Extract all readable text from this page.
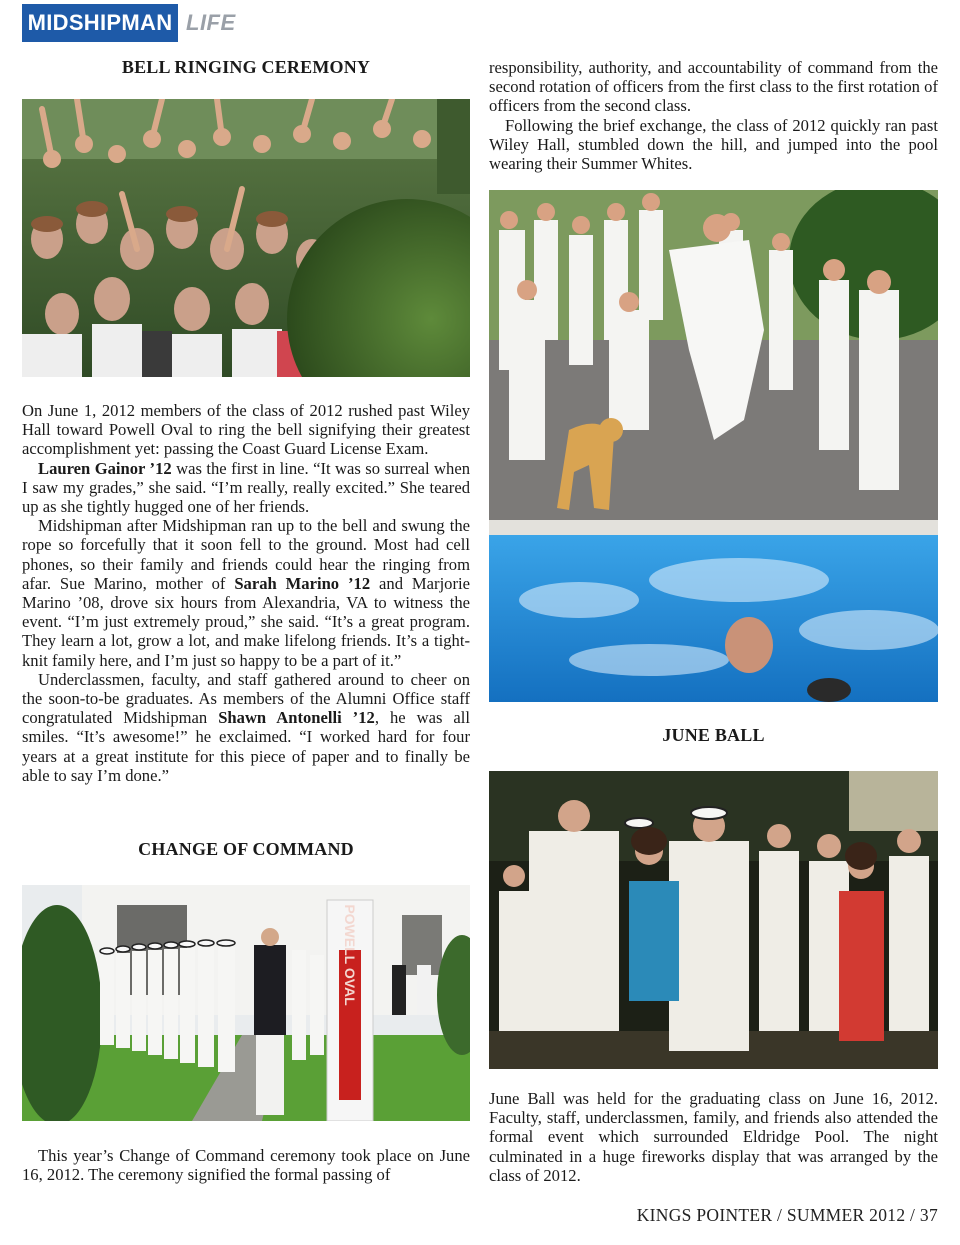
MIDSHIPMAN LIFE
BELL RINGING CEREMONY

On June 1, 2012 members of the class of 2012 rushed past Wiley Hall toward Powell Oval to ring the bell signifying their greatest accomplishment yet: passing the Coast Guard License Exam.

Lauren Gainor ’12 was the first in line. “It was so surreal when I saw my grades,” she said. “I’m really, really excited.” She teared up as she tightly hugged one of her friends.

Midshipman after Midshipman ran up to the bell and swung the rope so forcefully that it soon fell to the ground. Most had cell phones, so their family and friends could hear the ringing from afar. Sue Marino, mother of Sarah Marino ’12 and Marjorie Marino ’08, drove six hours from Alexandria, VA to witness the event. “I’m just extremely proud,” she said. “It’s a great program. They learn a lot, grow a lot, and make lifelong friends. It’s a tight-knit family here, and I’m just so happy to be a part of it.”

Underclassmen, faculty, and staff gathered around to cheer on the soon-to-be graduates. As members of the Alumni Office staff congratulated Midshipman Shawn Antonelli ’12, he was all smiles. “It’s awesome!” he exclaimed. “I worked hard for four years at a great institute for this piece of paper and to finally be able to say I’m done.”

CHANGE OF COMMAND
POWELL OVAL

This year’s Change of Command ceremony took place on June 16, 2012. The ceremony signified the formal passing of

responsibility, authority, and accountability of command from the second rotation of officers from the first class to the first rotation of officers from the second class.

Following the brief exchange, the class of 2012 quickly ran past Wiley Hall, stumbled down the hill, and jumped into the pool wearing their Summer Whites.

JUNE BALL

June Ball was held for the graduating class on June 16, 2012. Faculty, staff, underclassmen, family, and friends also attended the formal event which surrounded Eldridge Pool. The night culminated in a huge fireworks display that was arranged by the class of 2012.

KINGS POINTER / SUMMER 2012 / 37
